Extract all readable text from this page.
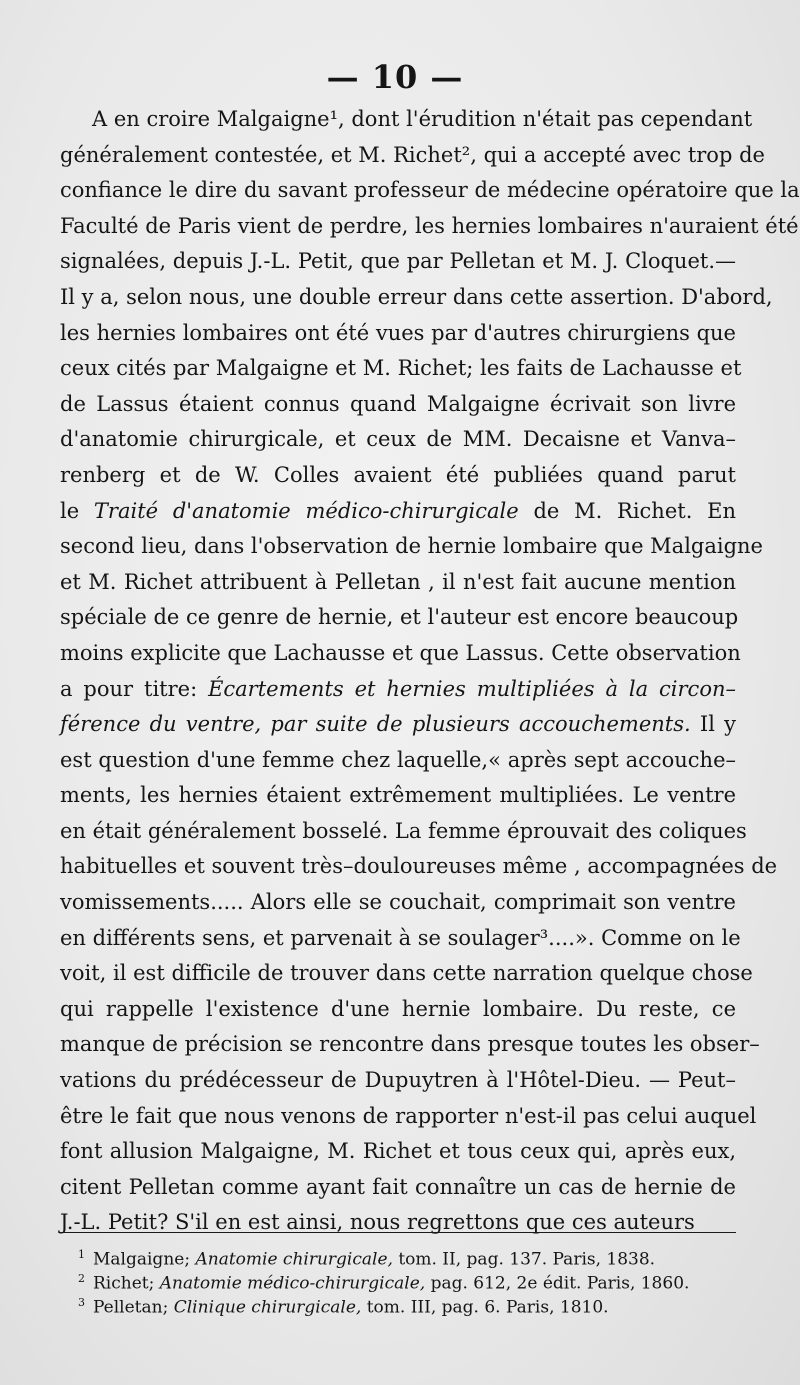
— 10 —
A en croire Malgaigne¹, dont l'érudition n'était pas cependant
généralement contestée, et M. Richet², qui a accepté avec trop de
confiance le dire du savant professeur de médecine opératoire que la
Faculté de Paris vient de perdre, les hernies lombaires n'auraient été
signalées, depuis J.-L. Petit, que par Pelletan et M. J. Cloquet.—
Il y a, selon nous, une double erreur dans cette assertion. D'abord,
les hernies lombaires ont été vues par d'autres chirurgiens que
ceux cités par Malgaigne et M. Richet; les faits de Lachausse et
de Lassus étaient connus quand Malgaigne écrivait son livre
d'anatomie chirurgicale, et ceux de MM. Decaisne et Vanva–
renberg et de W. Colles avaient été publiées quand parut
le Traité d'anatomie médico-chirurgicale de M. Richet. En
second lieu, dans l'observation de hernie lombaire que Malgaigne
et M. Richet attribuent à Pelletan , il n'est fait aucune mention
spéciale de ce genre de hernie, et l'auteur est encore beaucoup
moins explicite que Lachausse et que Lassus. Cette observation
a pour titre: Écartements et hernies multipliées à la circon–
férence du ventre, par suite de plusieurs accouchements. Il y
est question d'une femme chez laquelle,« après sept accouche–
ments, les hernies étaient extrêmement multipliées. Le ventre
en était généralement bosselé. La femme éprouvait des coliques
habituelles et souvent très–douloureuses même , accompagnées de
vomissements..... Alors elle se couchait, comprimait son ventre
en différents sens, et parvenait à se soulager³....». Comme on le
voit, il est difficile de trouver dans cette narration quelque chose
qui rappelle l'existence d'une hernie lombaire. Du reste, ce
manque de précision se rencontre dans presque toutes les obser–
vations du prédécesseur de Dupuytren à l'Hôtel-Dieu. — Peut–
être le fait que nous venons de rapporter n'est-il pas celui auquel
font allusion Malgaigne, M. Richet et tous ceux qui, après eux,
citent Pelletan comme ayant fait connaître un cas de hernie de
J.-L. Petit? S'il en est ainsi, nous regrettons que ces auteurs
$^1$ Malgaigne; Anatomie chirurgicale, tom. II, pag. 137. Paris, 1838.
$^2$ Richet; Anatomie médico-chirurgicale, pag. 612, 2e édit. Paris, 1860.
$^3$ Pelletan; Clinique chirurgicale, tom. III, pag. 6. Paris, 1810.
